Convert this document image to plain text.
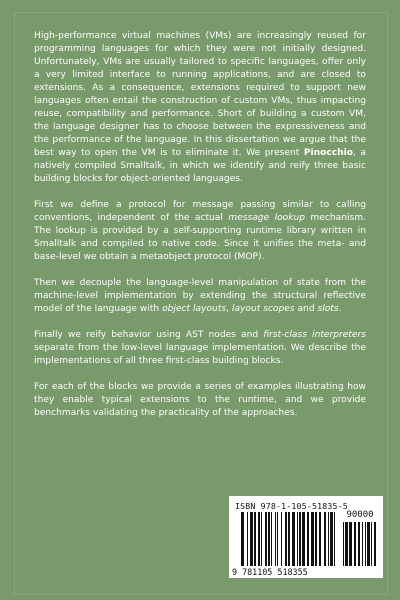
High-performance virtual machines (VMs) are increasingly reused for programming languages for which they were not initially designed. Unfortunately, VMs are usually tailored to specific languages, offer only a very limited interface to running applications, and are closed to extensions. As a consequence, extensions required to support new languages often entail the construction of custom VMs, thus impacting reuse, compatibility and performance. Short of building a custom VM, the language designer has to choose between the expressiveness and the performance of the language. In this dissertation we argue that the best way to open the VM is to eliminate it. We present Pinocchio, a natively compiled Smalltalk, in which we identify and reify three basic building blocks for object-oriented languages.

First we define a protocol for message passing similar to calling conventions, independent of the actual message lookup mechanism. The lookup is provided by a self-supporting runtime library written in Smalltalk and compiled to native code. Since it unifies the meta- and base-level we obtain a metaobject protocol (MOP).

Then we decouple the language-level manipulation of state from the machine-level implementation by extending the structural reflective model of the language with object layouts, layout scopes and slots.

Finally we reify behavior using AST nodes and first-class interpreters separate from the low-level language implementation. We describe the implementations of all three first-class building blocks.

For each of the blocks we provide a series of examples illustrating how they enable typical extensions to the runtime, and we provide benchmarks validating the practicality of the approaches.

ISBN 978-1-105-51835-5
90000
9 781105 518355
